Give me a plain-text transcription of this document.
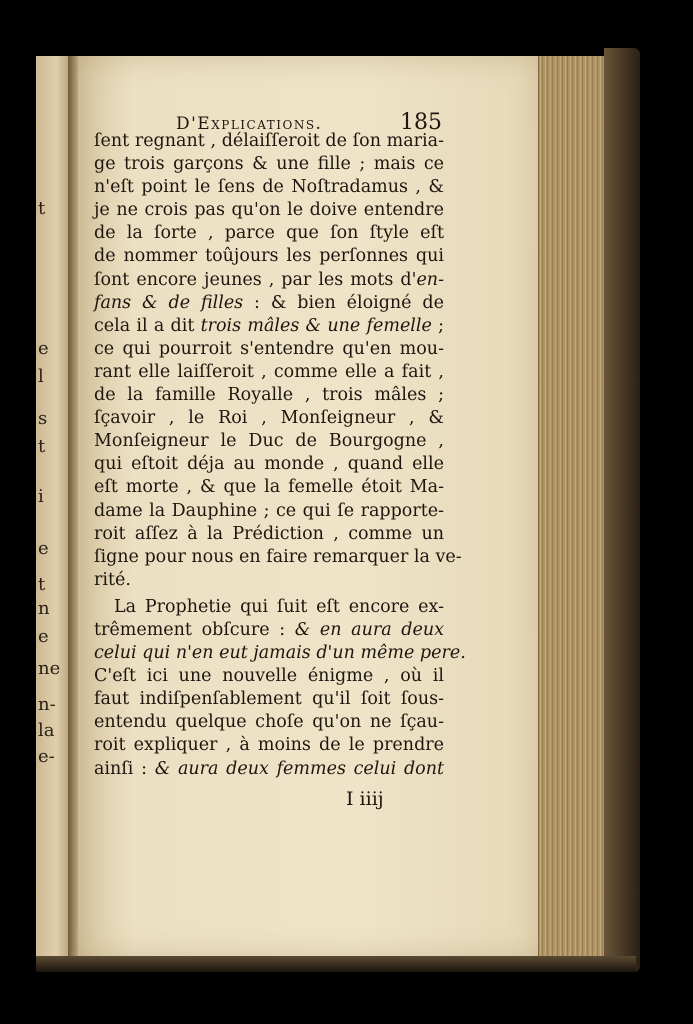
t
e
l
s
t
i
e
t
n
e
ne
n-
la
e-
D'Explications.	185
ſent regnant , délaiſſeroit de ſon maria-
ge trois garçons & une fille ; mais ce
n'eſt point le ſens de Noſtradamus , &
je ne crois pas qu'on le doive entendre
de la ſorte , parce que ſon ſtyle eſt
de nommer toûjours les perſonnes qui
ſont encore jeunes , par les mots d'en-
fans & de filles : & bien éloigné de
cela il a dit trois mâles & une femelle ;
ce qui pourroit s'entendre qu'en mou-
rant elle laiſſeroit , comme elle a fait ,
de la famille Royalle , trois mâles ;
ſçavoir , le Roi , Monſeigneur , &
Monſeigneur le Duc de Bourgogne ,
qui eſtoit déja au monde , quand elle
eſt morte , & que la femelle étoit Ma-
dame la Dauphine ; ce qui ſe rapporte-
roit aſſez à la Prédiction , comme un
ſigne pour nous en faire remarquer la ve-
rité.
La Prophetie qui ſuit eſt encore ex-
trêmement obſcure : & en aura deux
celui qui n'en eut jamais d'un même pere.
C'eſt ici une nouvelle énigme , où il
faut indiſpenſablement qu'il ſoit ſous-
entendu quelque choſe qu'on ne ſçau-
roit expliquer , à moins de le prendre
ainſi : & aura deux femmes celui dont
I iiij
